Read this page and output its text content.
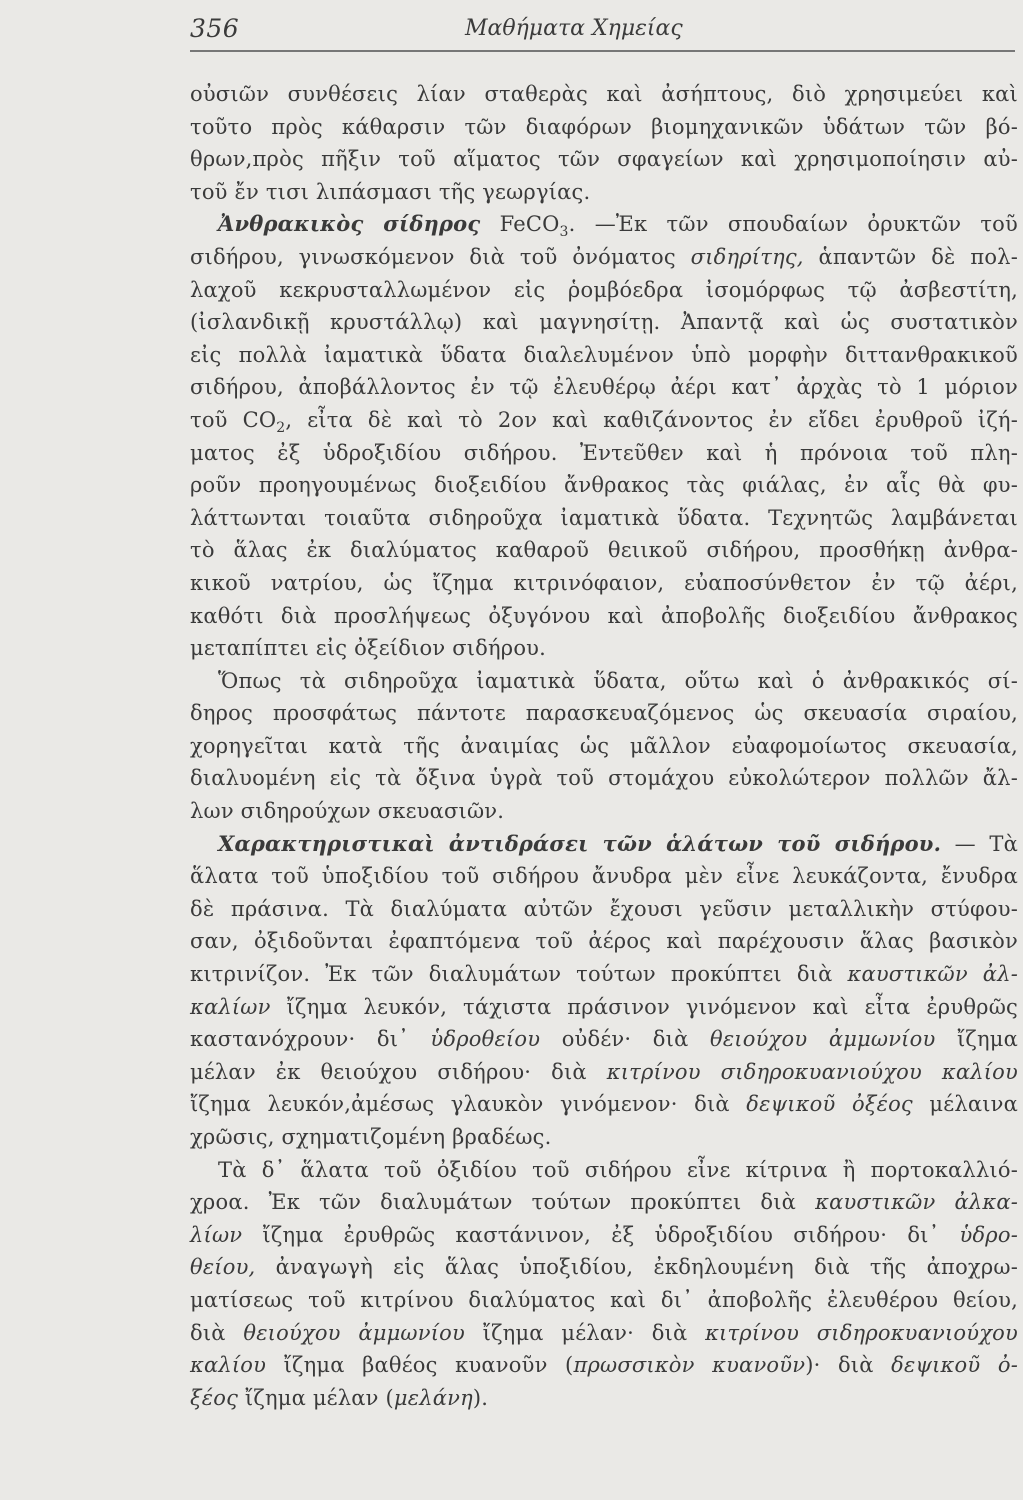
356	Μαθήματα Χημείας
οὐσιῶν συνθέσεις λίαν σταθερὰς καὶ ἀσήπτους, διὸ χρησιμεύει καὶ
τοῦτο πρὸς κάθαρσιν τῶν διαφόρων βιομηχανικῶν ὑδάτων τῶν βό-
θρων,πρὸς πῆξιν τοῦ αἵματος τῶν σφαγείων καὶ χρησιμοποίησιν αὐ-
τοῦ ἔν τισι λιπάσμασι τῆς γεωργίας.
Ἀνθρακικὸς σίδηρος FeCO$_3$. —Ἐκ τῶν σπουδαίων ὀρυκτῶν τοῦ
σιδήρου, γινωσκόμενον διὰ τοῦ ὀνόματος σιδηρίτης, ἁπαντῶν δὲ πολ-
λαχοῦ κεκρυσταλλωμένον εἰς ῥομβόεδρα ἰσομόρφως τῷ ἀσβεστίτη,
(ἰσλανδικῇ κρυστάλλῳ) καὶ μαγνησίτῃ. Ἀπαντᾷ καὶ ὡς συστατικὸν
εἰς πολλὰ ἰαματικὰ ὕδατα διαλελυμένον ὑπὸ μορφὴν διττανθρακικοῦ
σιδήρου, ἀποβάλλοντος ἐν τῷ ἐλευθέρῳ ἀέρι κατ᾽ ἀρχὰς τὸ 1 μόριον
τοῦ $CO_2$, εἶτα δὲ καὶ τὸ 2ον καὶ καθιζάνοντος ἐν εἴδει ἐρυθροῦ ἰζή-
ματος ἐξ ὑδροξιδίου σιδήρου. Ἐντεῦθεν καὶ ἡ πρόνοια τοῦ πλη-
ροῦν προηγουμένως διοξειδίου ἄνθρακος τὰς φιάλας, ἐν αἷς θὰ φυ-
λάττωνται τοιαῦτα σιδηροῦχα ἰαματικὰ ὕδατα. Τεχνητῶς λαμβάνεται
τὸ ἅλας ἐκ διαλύματος καθαροῦ θειικοῦ σιδήρου, προσθήκῃ ἀνθρα-
κικοῦ νατρίου, ὡς ἴζημα κιτρινόφαιον, εὐαποσύνθετον ἐν τῷ ἀέρι,
καθότι διὰ προσλήψεως ὀξυγόνου καὶ ἀποβολῆς διοξειδίου ἄνθρακος
μεταπίπτει εἰς ὀξείδιον σιδήρου.
Ὅπως τὰ σιδηροῦχα ἰαματικὰ ὕδατα, οὕτω καὶ ὁ ἀνθρακικός σί-
δηρος προσφάτως πάντοτε παρασκευαζόμενος ὡς σκευασία σιραίου,
χορηγεῖται κατὰ τῆς ἀναιμίας ὡς μᾶλλον εὐαφομοίωτος σκευασία,
διαλυομένη εἰς τὰ ὄξινα ὑγρὰ τοῦ στομάχου εὐκολώτερον πολλῶν ἄλ-
λων σιδηρούχων σκευασιῶν.
Χαρακτηριστικαὶ ἀντιδράσει τῶν ἁλάτων τοῦ σιδήρου. — Τὰ
ἅλατα τοῦ ὑποξιδίου τοῦ σιδήρου ἄνυδρα μὲν εἶνε λευκάζοντα, ἔνυδρα
δὲ πράσινα. Τὰ διαλύματα αὐτῶν ἔχουσι γεῦσιν μεταλλικὴν στύφου-
σαν, ὀξιδοῦνται ἐφαπτόμενα τοῦ ἀέρος καὶ παρέχουσιν ἅλας βασικὸν
κιτρινίζον. Ἐκ τῶν διαλυμάτων τούτων προκύπτει διὰ καυστικῶν ἀλ-
καλίων ἴζημα λευκόν, τάχιστα πράσινον γινόμενον καὶ εἶτα ἐρυθρῶς
καστανόχρουν· δι᾽ ὑδροθείου οὐδέν· διὰ θειούχου ἀμμωνίου ἴζημα
μέλαν ἐκ θειούχου σιδήρου· διὰ κιτρίνου σιδηροκυανιούχου καλίου
ἴζημα λευκόν,ἀμέσως γλαυκὸν γινόμενον· διὰ δεψικοῦ ὀξέος μέλαινα
χρῶσις, σχηματιζομένη βραδέως.
Τὰ δ᾽ ἅλατα τοῦ ὀξιδίου τοῦ σιδήρου εἶνε κίτρινα ἢ πορτοκαλλιό-
χροα. Ἐκ τῶν διαλυμάτων τούτων προκύπτει διὰ καυστικῶν ἀλκα-
λίων ἴζημα ἐρυθρῶς καστάνινον, ἐξ ὑδροξιδίου σιδήρου· δι᾽ ὑδρο-
θείου, ἀναγωγὴ εἰς ἅλας ὑποξιδίου, ἐκδηλουμένη διὰ τῆς ἀποχρω-
ματίσεως τοῦ κιτρίνου διαλύματος καὶ δι᾽ ἀποβολῆς ἐλευθέρου θείου,
διὰ θειούχου ἀμμωνίου ἴζημα μέλαν· διὰ κιτρίνου σιδηροκυανιούχου
καλίου ἴζημα βαθέος κυανοῦν (πρωσσικὸν κυανοῦν)· διὰ δεψικοῦ ὀ-
ξέος ἴζημα μέλαν (μελάνη).
